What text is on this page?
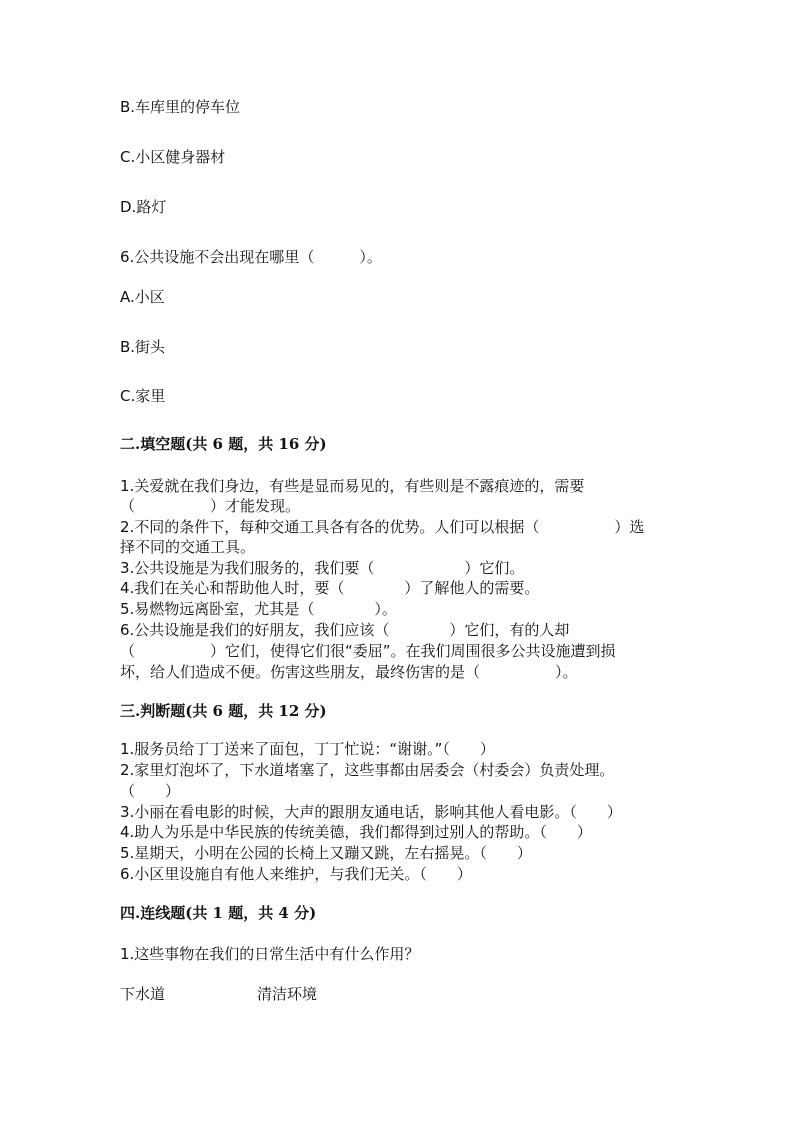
B.车库里的停车位
C.小区健身器材
D.路灯
6.公共设施不会出现在哪里（　　　）。
A.小区
B.街头
C.家里
二.填空题(共 6 题，共 16 分)
1.关爱就在我们身边，有些是显而易见的，有些则是不露痕迹的，需要
（　　　　　）才能发现。
2.不同的条件下，每种交通工具各有各的优势。人们可以根据（　　　　　）选
择不同的交通工具。
3.公共设施是为我们服务的，我们要（　　　　　　）它们。
4.我们在关心和帮助他人时，要（　　　　）了解他人的需要。
5.易燃物远离卧室，尤其是（　　　　）。
6.公共设施是我们的好朋友，我们应该（　　　　）它们，有的人却
（　　　　　）它们，使得它们很“委屈”。在我们周围很多公共设施遭到损
坏，给人们造成不便。伤害这些朋友，最终伤害的是（　　　　　）。
三.判断题(共 6 题，共 12 分)
1.服务员给丁丁送来了面包，丁丁忙说：“谢谢。”（　　）
2.家里灯泡坏了，下水道堵塞了，这些事都由居委会（村委会）负责处理。
（　　）
3.小丽在看电影的时候，大声的跟朋友通电话，影响其他人看电影。（　　）
4.助人为乐是中华民族的传统美德，我们都得到过别人的帮助。（　　）
5.星期天，小明在公园的长椅上又蹦又跳，左右摇晃。（　　）
6.小区里设施自有他人来维护，与我们无关。（　　）
四.连线题(共 1 题，共 4 分)
1.这些事物在我们的日常生活中有什么作用？

下水道

	清洁环境
